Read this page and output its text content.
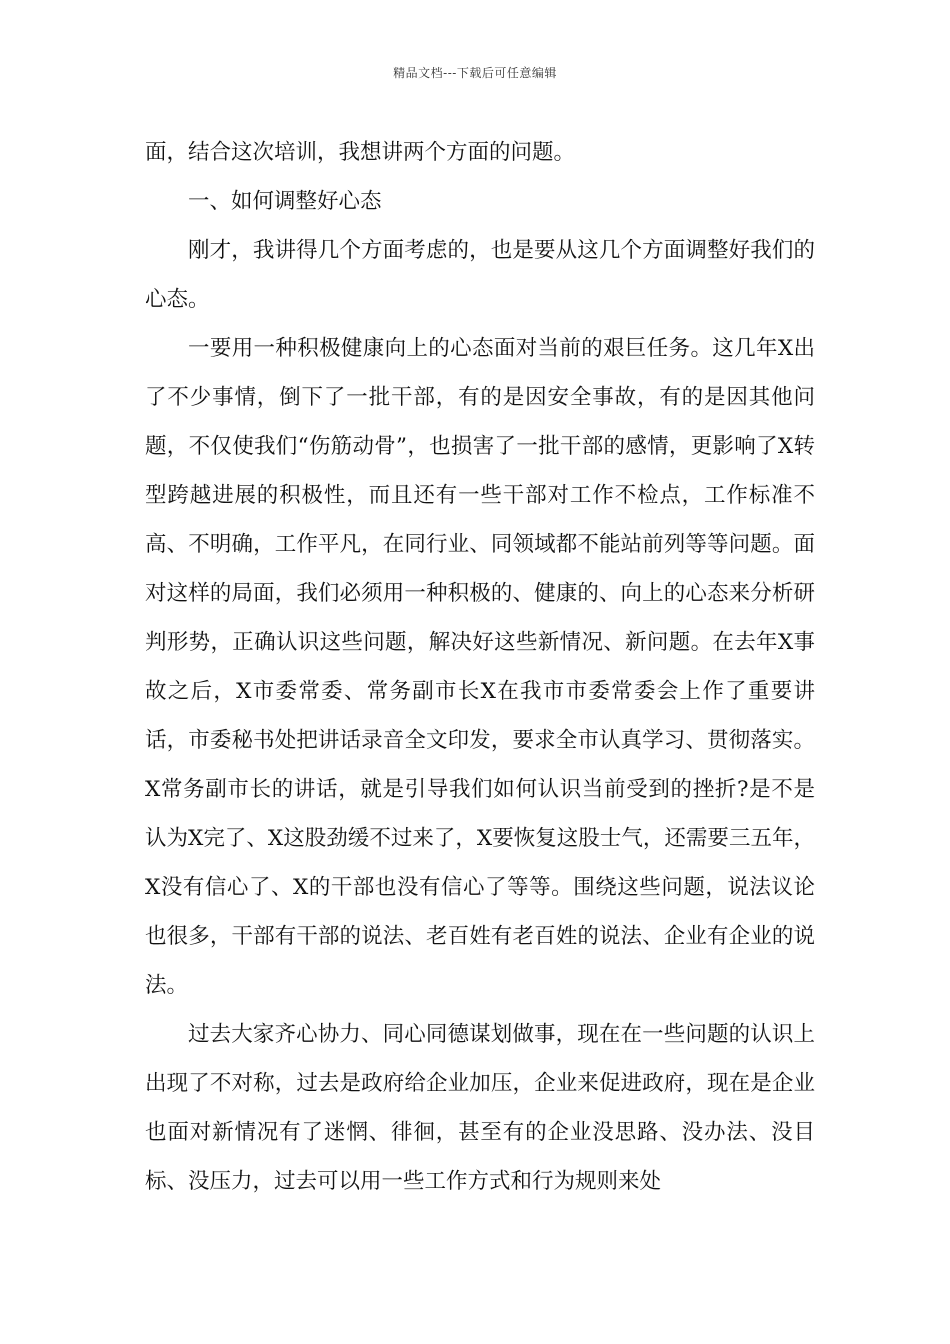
精品文档---下载后可任意编辑

面，结合这次培训，我想讲两个方面的问题。

一、如何调整好心态

刚才，我讲得几个方面考虑的，也是要从这几个方面调整好我们的心态。

一要用一种积极健康向上的心态面对当前的艰巨任务。这几年X出了不少事情，倒下了一批干部，有的是因安全事故，有的是因其他问题，不仅使我们“伤筋动骨”，也损害了一批干部的感情，更影响了X转型跨越进展的积极性，而且还有一些干部对工作不检点，工作标准不高、不明确，工作平凡，在同行业、同领域都不能站前列等等问题。面对这样的局面，我们必须用一种积极的、健康的、向上的心态来分析研判形势，正确认识这些问题，解决好这些新情况、新问题。在去年X事故之后，X市委常委、常务副市长X在我市市委常委会上作了重要讲话，市委秘书处把讲话录音全文印发，要求全市认真学习、贯彻落实。X常务副市长的讲话，就是引导我们如何认识当前受到的挫折?是不是认为X完了、X这股劲缓不过来了，X要恢复这股士气，还需要三五年，X没有信心了、X的干部也没有信心了等等。围绕这些问题，说法议论也很多，干部有干部的说法、老百姓有老百姓的说法、企业有企业的说法。

过去大家齐心协力、同心同德谋划做事，现在在一些问题的认识上出现了不对称，过去是政府给企业加压，企业来促进政府，现在是企业也面对新情况有了迷惘、徘徊，甚至有的企业没思路、没办法、没目标、没压力，过去可以用一些工作方式和行为规则来处
